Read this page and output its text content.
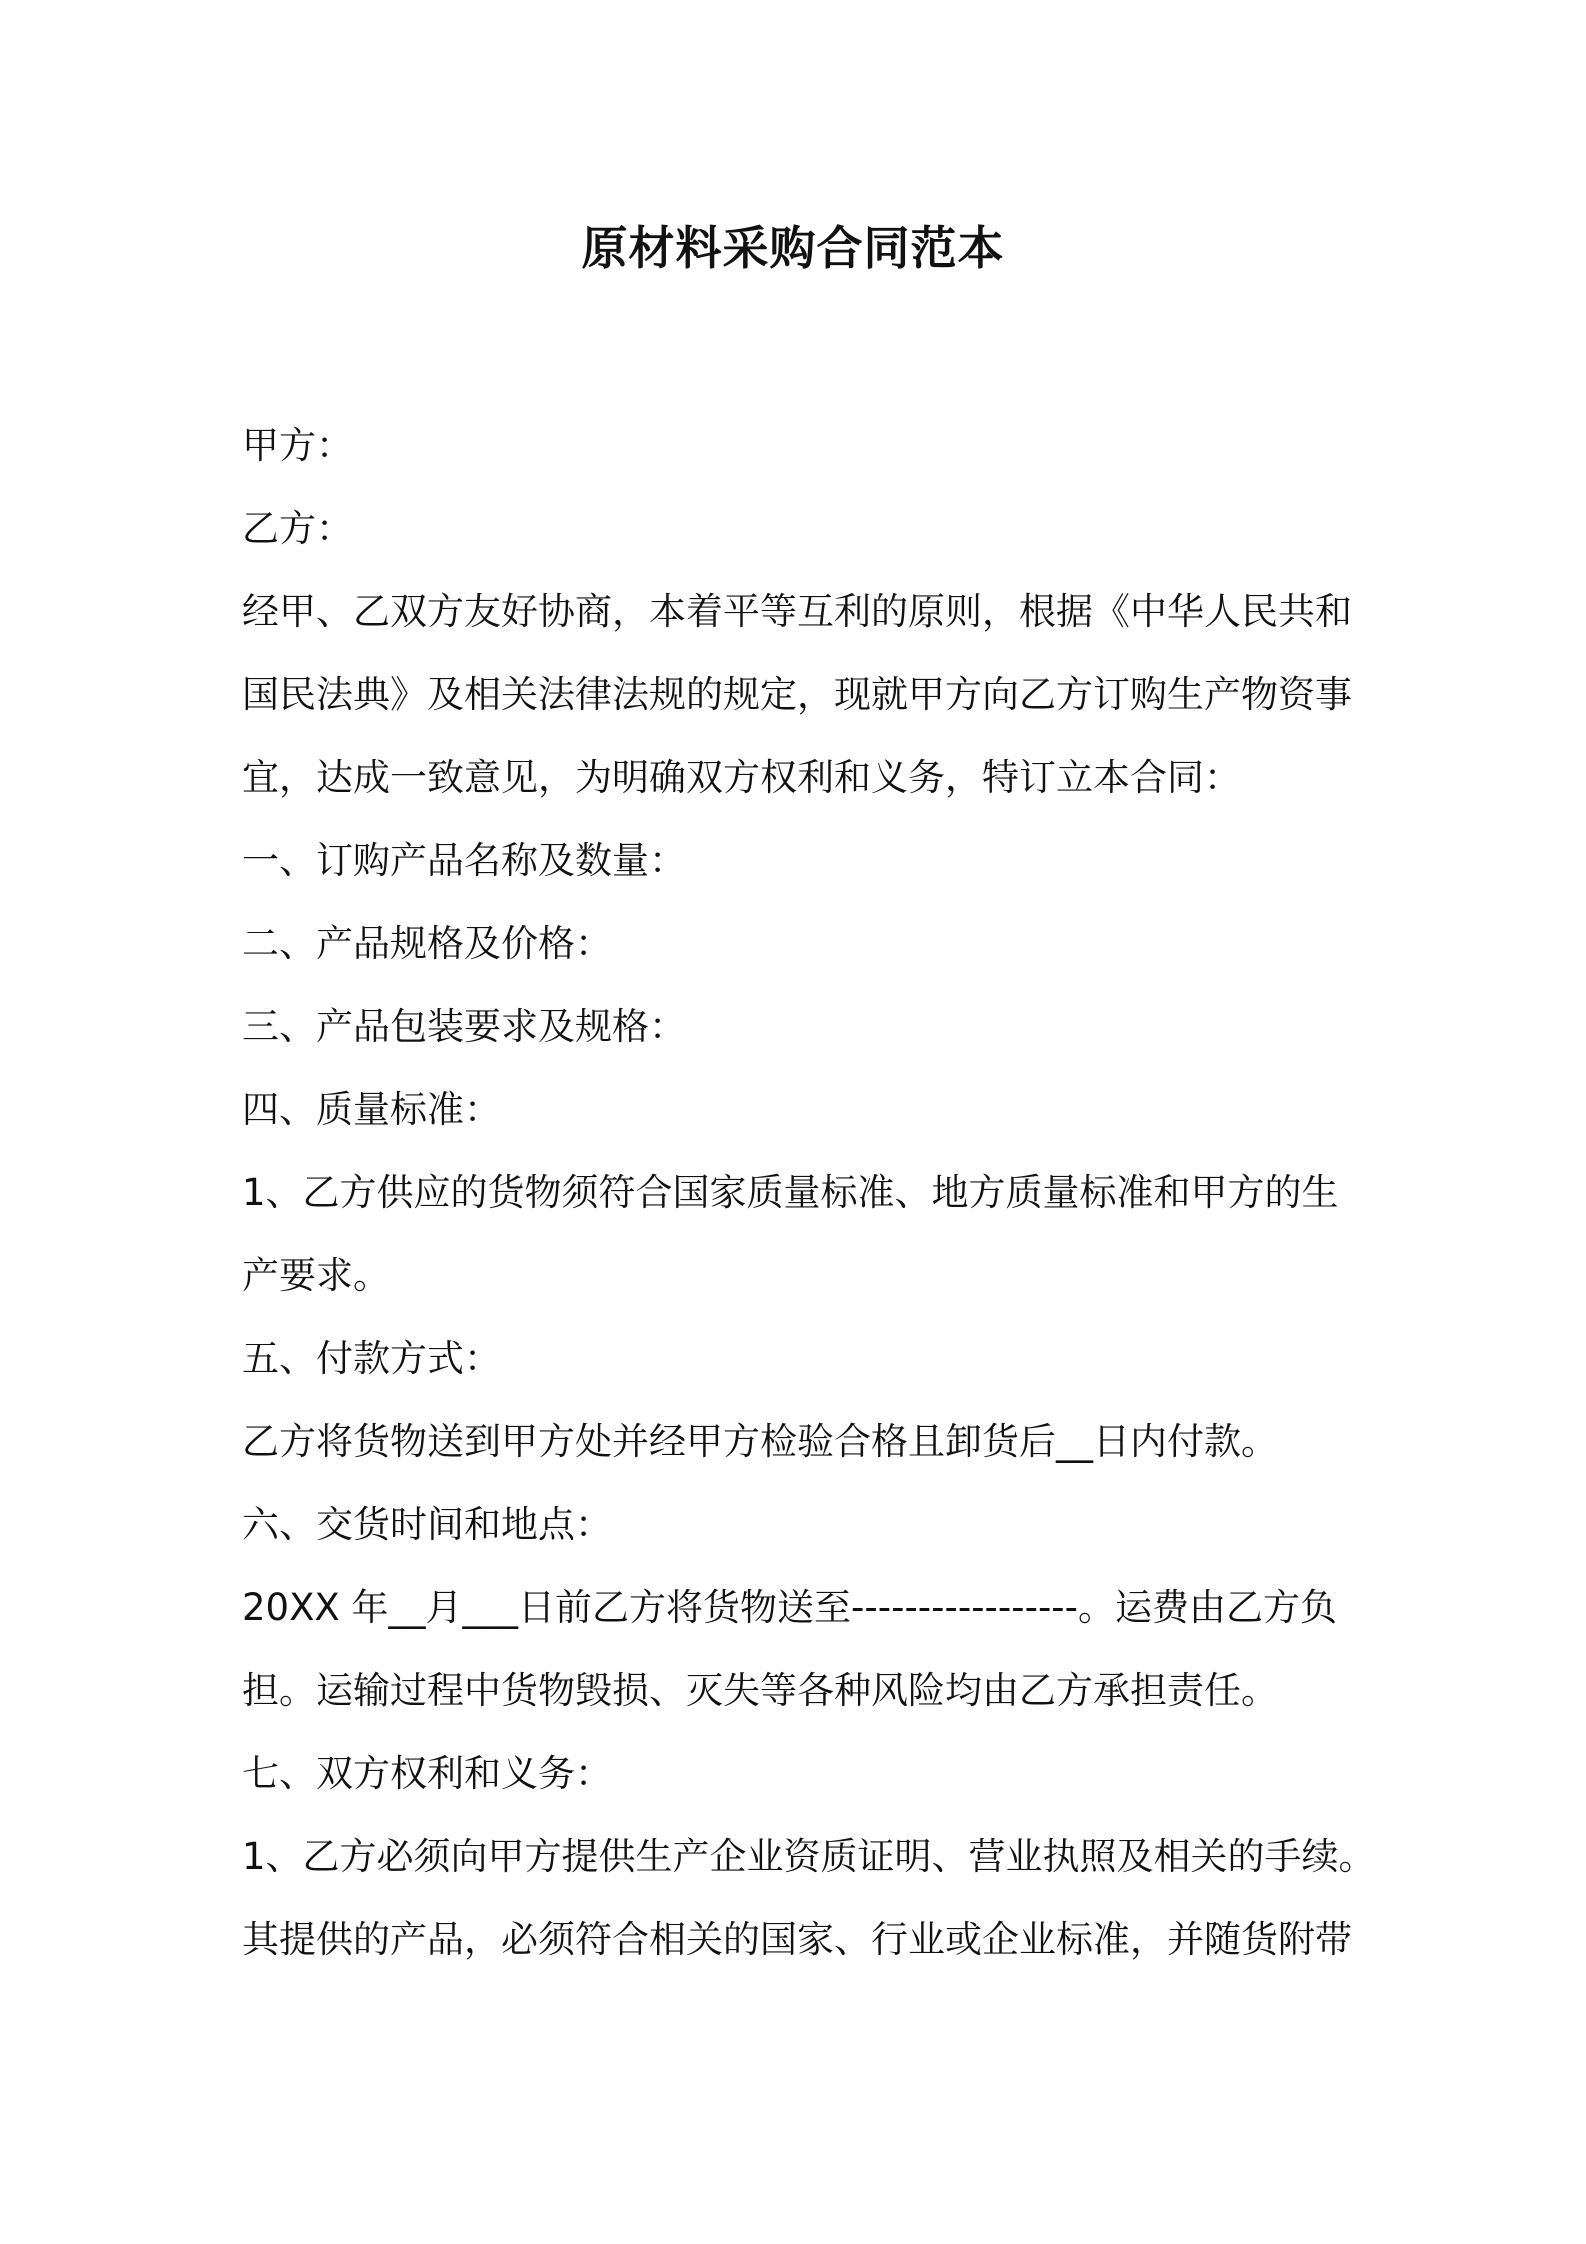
原材料采购合同范本
甲方：
乙方：
经甲、乙双方友好协商，本着平等互利的原则，根据《中华人民共和
国民法典》及相关法律法规的规定，现就甲方向乙方订购生产物资事
宜，达成一致意见，为明确双方权利和义务，特订立本合同：
一、订购产品名称及数量：
二、产品规格及价格：
三、产品包装要求及规格：
四、质量标准：
1、乙方供应的货物须符合国家质量标准、地方质量标准和甲方的生
产要求。
五、付款方式：
乙方将货物送到甲方处并经甲方检验合格且卸货后__日内付款。
六、交货时间和地点：
20XX 年__月___日前乙方将货物送至-----------------。运费由乙方负
担。运输过程中货物毁损、灭失等各种风险均由乙方承担责任。
七、双方权利和义务：
1、乙方必须向甲方提供生产企业资质证明、营业执照及相关的手续。
其提供的产品，必须符合相关的国家、行业或企业标准，并随货附带
